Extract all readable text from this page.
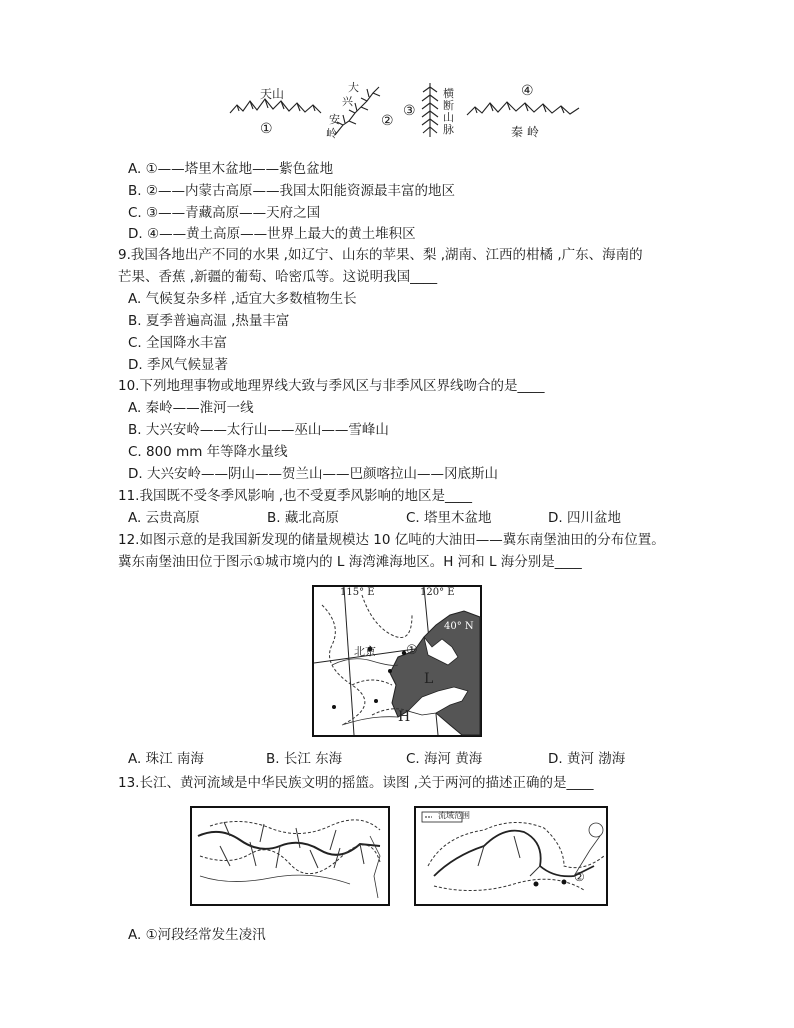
天山
①
大
兴
安
岭
②
③
横
断
山
脉
④
秦 岭
A. ①——塔里木盆地——紫色盆地
B. ②——内蒙古高原——我国太阳能资源最丰富的地区
C. ③——青藏高原——天府之国
D. ④——黄土高原——世界上最大的黄土堆积区
9.我国各地出产不同的水果 ,如辽宁、山东的苹果、梨 ,湖南、江西的柑橘 ,广东、海南的
芒果、香蕉 ,新疆的葡萄、哈密瓜等。这说明我国____
A. 气候复杂多样 ,适宜大多数植物生长
B. 夏季普遍高温 ,热量丰富
C. 全国降水丰富
D. 季风气候显著
10.下列地理事物或地理界线大致与季风区与非季风区界线吻合的是____
A. 秦岭——淮河一线
B. 大兴安岭——太行山——巫山——雪峰山
C. 800 mm 年等降水量线
D. 大兴安岭——阴山——贺兰山——巴颜喀拉山——冈底斯山
11.我国既不受冬季风影响 ,也不受夏季风影响的地区是____
A. 云贵高原	B. 藏北高原	C. 塔里木盆地	D. 四川盆地
12.如图示意的是我国新发现的储量规模达 10 亿吨的大油田——冀东南堡油田的分布位置。
冀东南堡油田位于图示①城市境内的 L 海湾滩海地区。H 河和 L 海分别是____
115° E	120° E
40° N
北京 ①
L
H
A. 珠江 南海	B. 长江 东海	C. 海河 黄海	D. 黄河 渤海
13.长江、黄河流域是中华民族文明的摇篮。读图 ,关于两河的描述正确的是____
流域范围
②
A. ①河段经常发生凌汛
